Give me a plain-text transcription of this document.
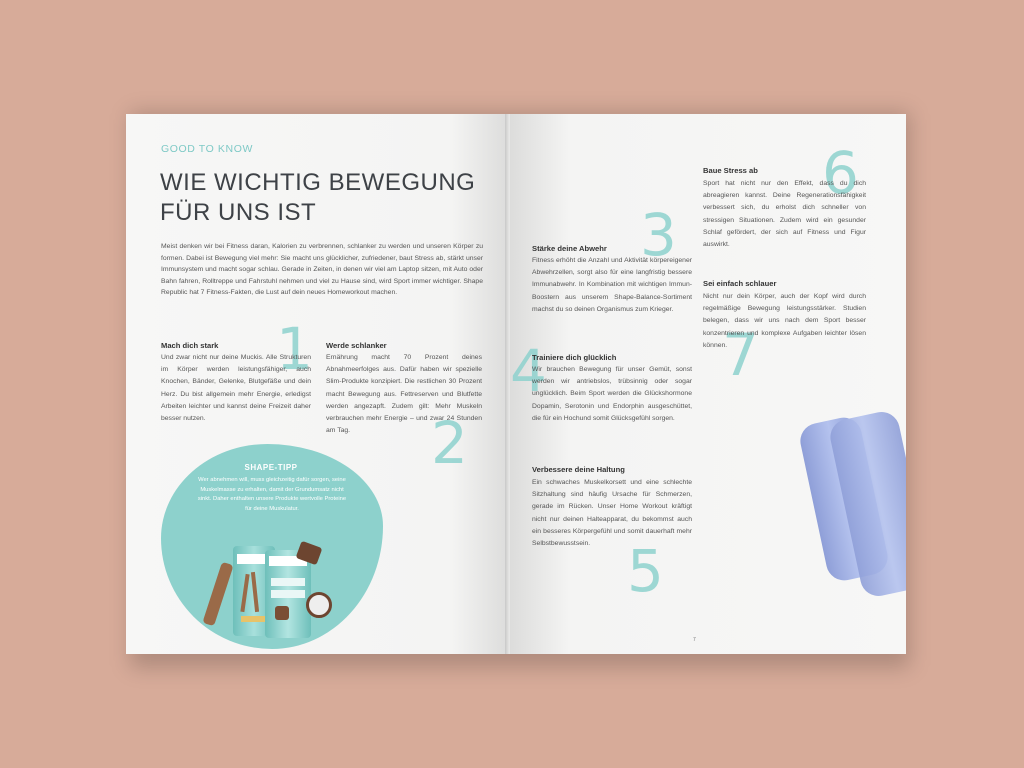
GOOD TO KNOW
WIE WICHTIG BEWEGUNG
FÜR UNS IST
Meist denken wir bei Fitness daran, Kalorien zu verbrennen, schlanker zu werden und unseren Körper zu formen. Dabei ist Bewegung viel mehr: Sie macht uns glücklicher, zufriedener, baut Stress ab, stärkt unser Immunsystem und macht sogar schlau. Gerade in Zeiten, in denen wir viel am Laptop sitzen, mit Auto oder Bahn fahren, Rolltreppe und Fahrstuhl nehmen und viel zu Hause sind, wird Sport immer wichtiger. Shape Republic hat 7 Fitness-Fakten, die Lust auf dein neues Homeworkout machen.
1
Mach dich stark
Und zwar nicht nur deine Muckis. Alle Strukturen im Körper werden leistungsfähiger, auch Knochen, Bänder, Gelenke, Blutgefäße und dein Herz. Du bist allgemein mehr Energie, erledigst Arbeiten leichter und kannst deine Freizeit daher besser nutzen.	2
Werde schlanker
Ernährung macht 70 Prozent deines Abnahmeerfolges aus. Dafür haben wir spezielle Slim-Produkte konzipiert. Die restlichen 30 Prozent macht Bewegung aus. Fettreserven und Blutfette werden angezapft. Zudem gilt: Mehr Muskeln verbrauchen mehr Energie – und zwar 24 Stunden am Tag.
SHAPE-TIPP
Wer abnehmen will, muss gleichzeitig dafür sorgen, seine Muskelmasse zu erhalten, damit der Grundumsatz nicht sinkt. Daher enthalten unsere Produkte wertvolle Proteine für deine Muskulatur.
3
Stärke deine Abwehr
Fitness erhöht die Anzahl und Aktivität körpereigener Abwehrzellen, sorgt also für eine langfristig bessere Immunabwehr. In Kombination mit wichtigen Immun-Boostern aus unserem Shape-Balance-Sortiment machst du so deinen Organismus zum Krieger.
4
Trainiere dich glücklich
Wir brauchen Bewegung für unser Gemüt, sonst werden wir antriebslos, trübsinnig oder sogar unglücklich. Beim Sport werden die Glückshormone Dopamin, Serotonin und Endorphin ausgeschüttet, die für ein Hochund somit Glücksgefühl sorgen.
Verbessere deine Haltung
Ein schwaches Muskelkorsett und eine schlechte Sitzhaltung sind häufig Ursache für Schmerzen, gerade im Rücken. Unser Home Workout kräftigt nicht nur deinen Halteapparat, du bekommst auch ein besseres Körpergefühl und somit dauerhaft mehr Selbstbewusstsein. 5
6
Baue Stress ab
Sport hat nicht nur den Effekt, dass du dich abreagieren kannst. Deine Regenerationsfähigkeit verbessert sich, du erholst dich schneller von stressigen Situationen. Zudem wird ein gesunder Schlaf gefördert, der sich auf Fitness und Figur auswirkt.
7
Sei einfach schlauer
Nicht nur dein Körper, auch der Kopf wird durch regelmäßige Bewegung leistungsstärker. Studien belegen, dass wir uns nach dem Sport besser konzentrieren und komplexe Aufgaben leichter lösen können.
7
